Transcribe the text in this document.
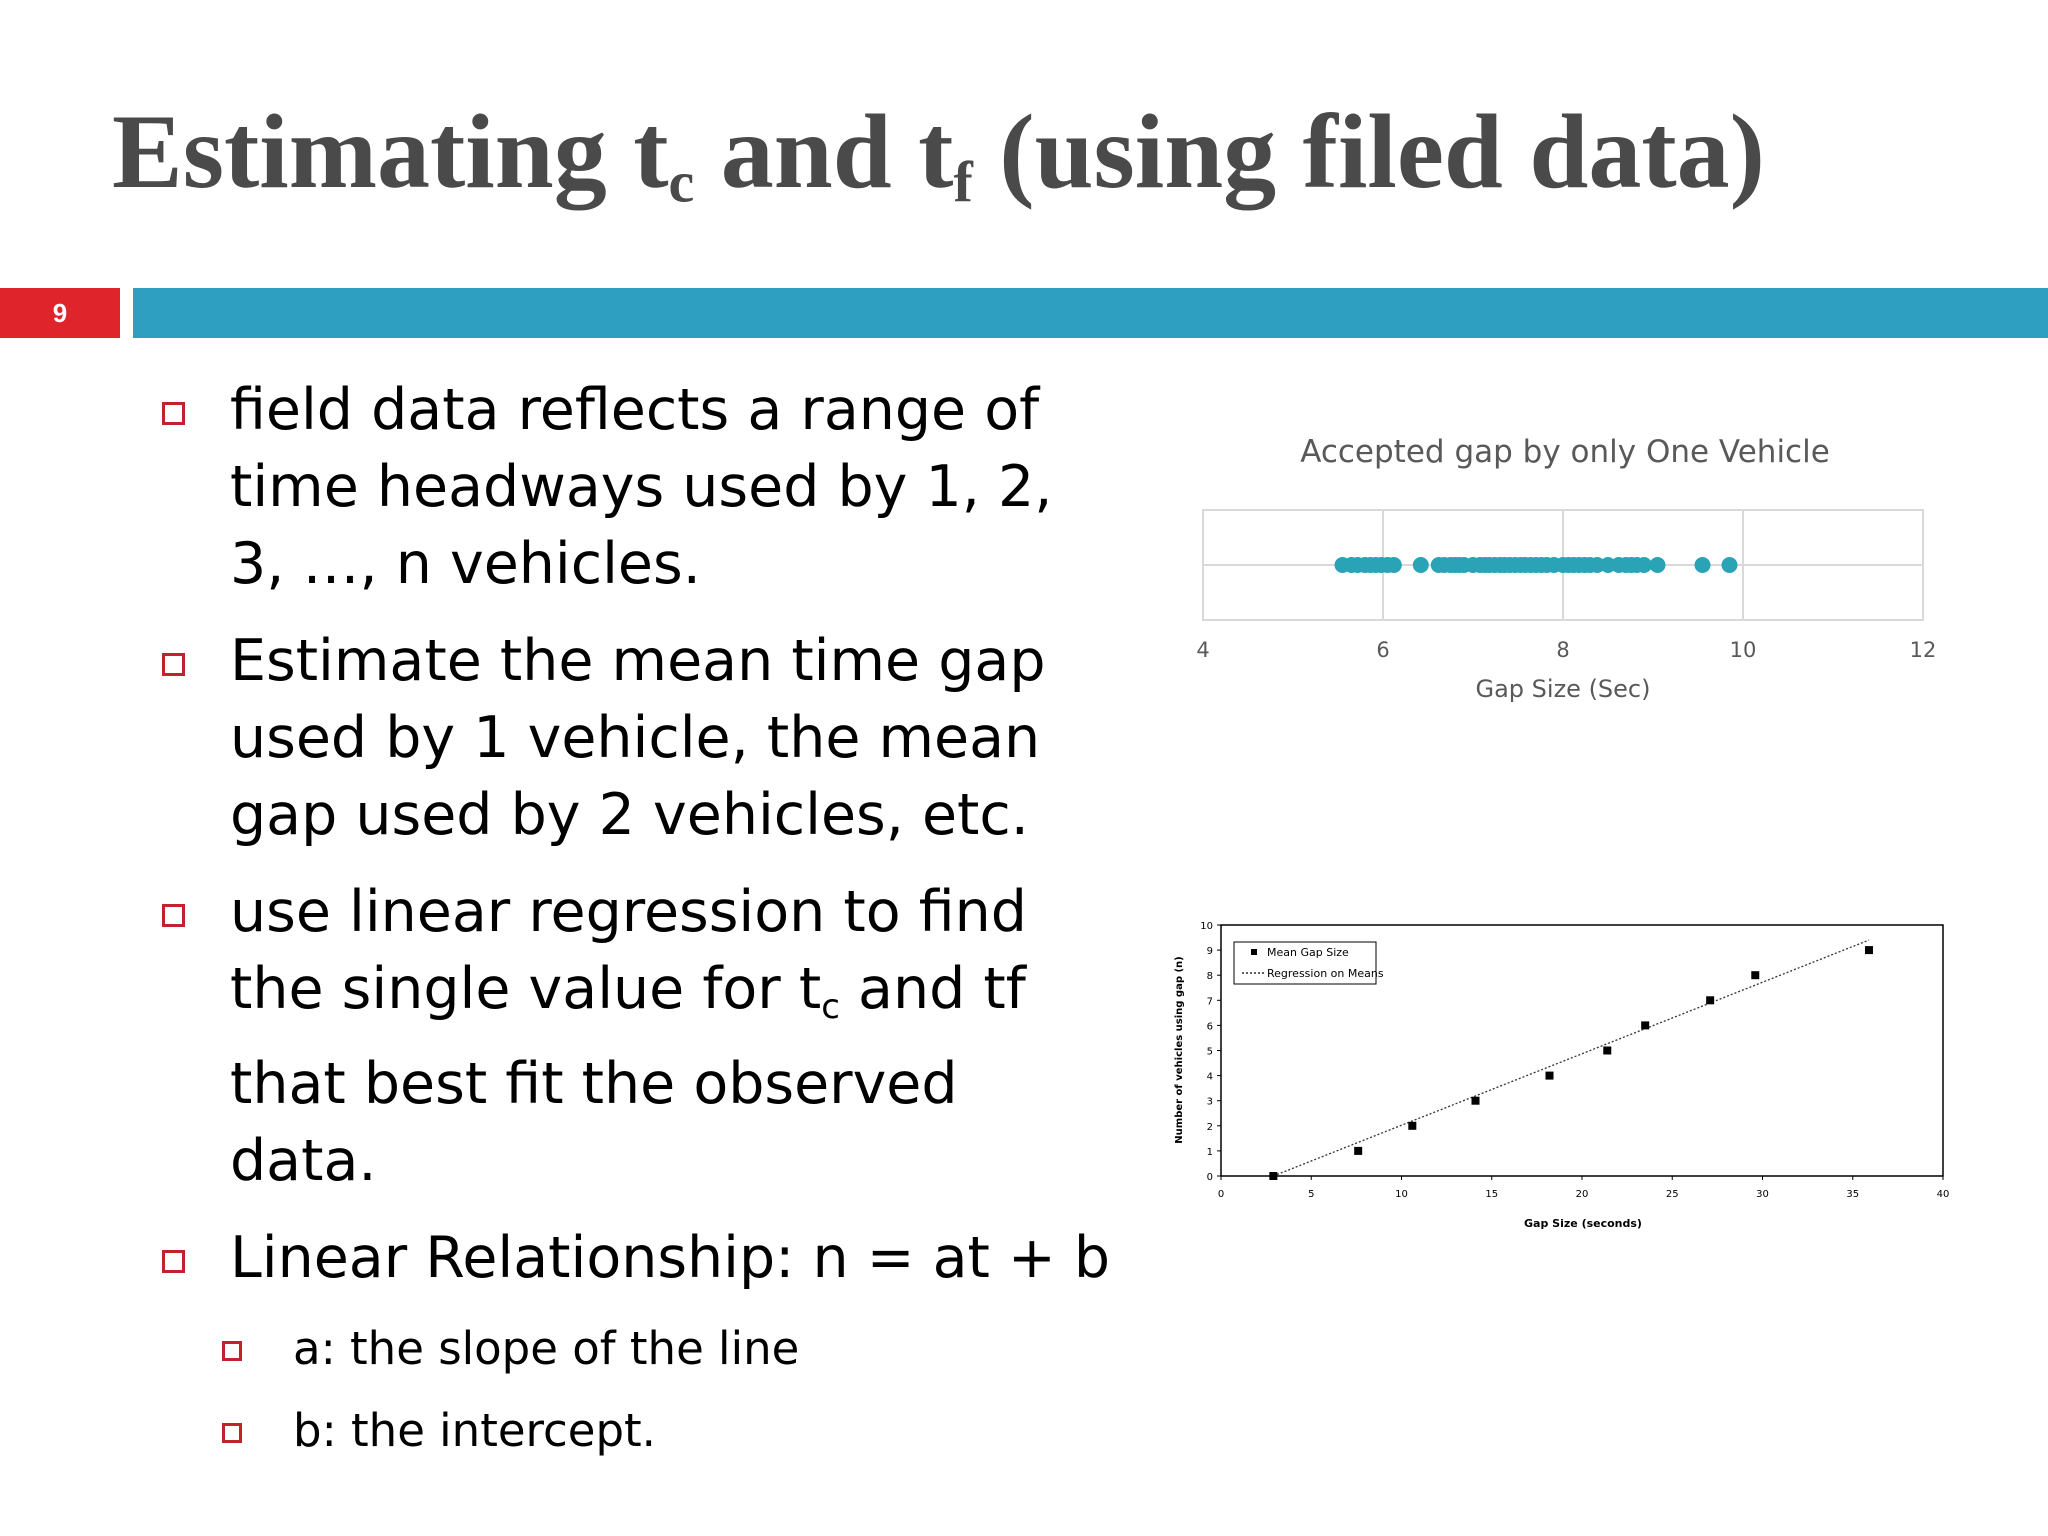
Estimating $t_c$ and $t_f$ (using filed data)
9
field data reflects a range of time headways used by 1, 2, 3, …, n vehicles.
Estimate the mean time gap used by 1 vehicle, the mean gap used by 2 vehicles, etc.
use linear regression to find the single value for $t_c$ and tf that best fit the observed data.
Linear Relationship: n = at + b
a: the slope of the line
b: the intercept.
Accepted gap by only One Vehicle
4	6	8	10	12
Gap Size (Sec)
0
1
2
3
4
5
6
7
8
9
10
0	5	10	15	20	25	30	35	40
Mean Gap Size
Regression on Means
Gap Size (seconds)
Number of vehicles using gap (n)
